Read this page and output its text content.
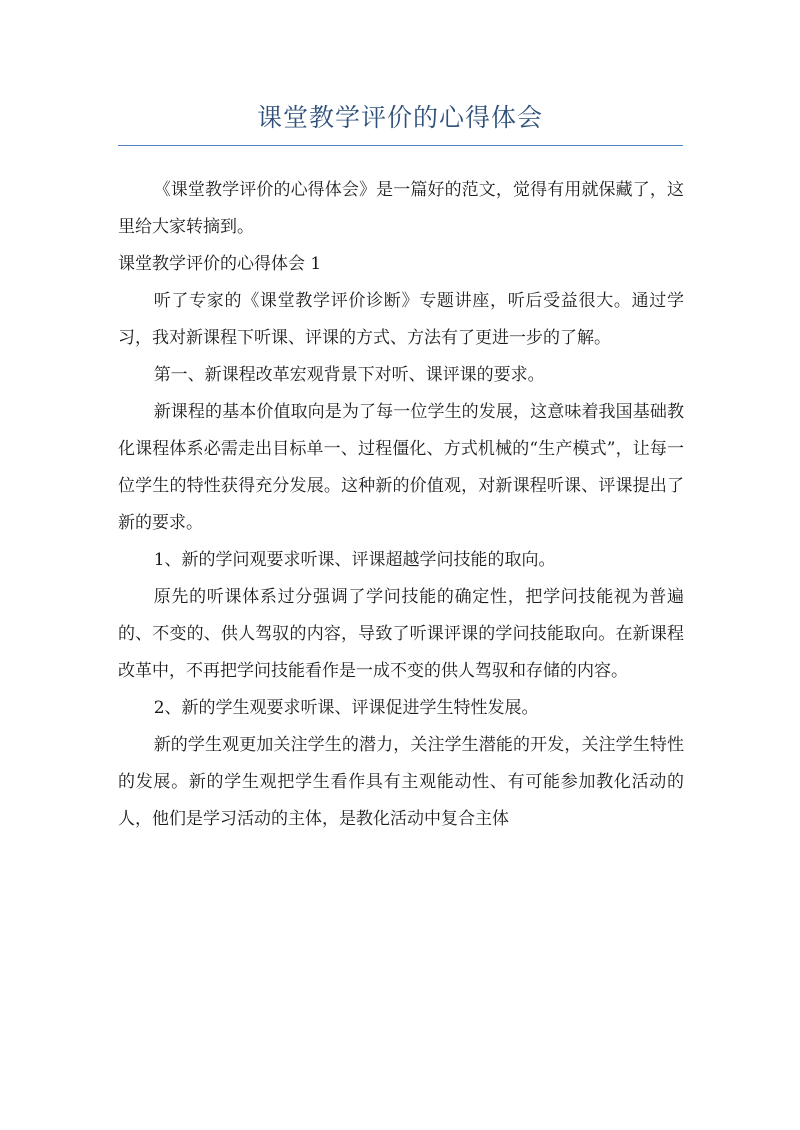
课堂教学评价的心得体会

《课堂教学评价的心得体会》是一篇好的范文，觉得有用就保藏了，这里给大家转摘到。

课堂教学评价的心得体会 1

听了专家的《课堂教学评价诊断》专题讲座，听后受益很大。通过学习，我对新课程下听课、评课的方式、方法有了更进一步的了解。

第一、新课程改革宏观背景下对听、课评课的要求。

新课程的基本价值取向是为了每一位学生的发展，这意味着我国基础教化课程体系必需走出目标单一、过程僵化、方式机械的“生产模式”，让每一位学生的特性获得充分发展。这种新的价值观，对新课程听课、评课提出了新的要求。

1、新的学问观要求听课、评课超越学问技能的取向。

原先的听课体系过分强调了学问技能的确定性，把学问技能视为普遍的、不变的、供人驾驭的内容，导致了听课评课的学问技能取向。在新课程改革中，不再把学问技能看作是一成不变的供人驾驭和存储的内容。

2、新的学生观要求听课、评课促进学生特性发展。

新的学生观更加关注学生的潜力，关注学生潜能的开发，关注学生特性的发展。新的学生观把学生看作具有主观能动性、有可能参加教化活动的人，他们是学习活动的主体，是教化活动中复合主体
